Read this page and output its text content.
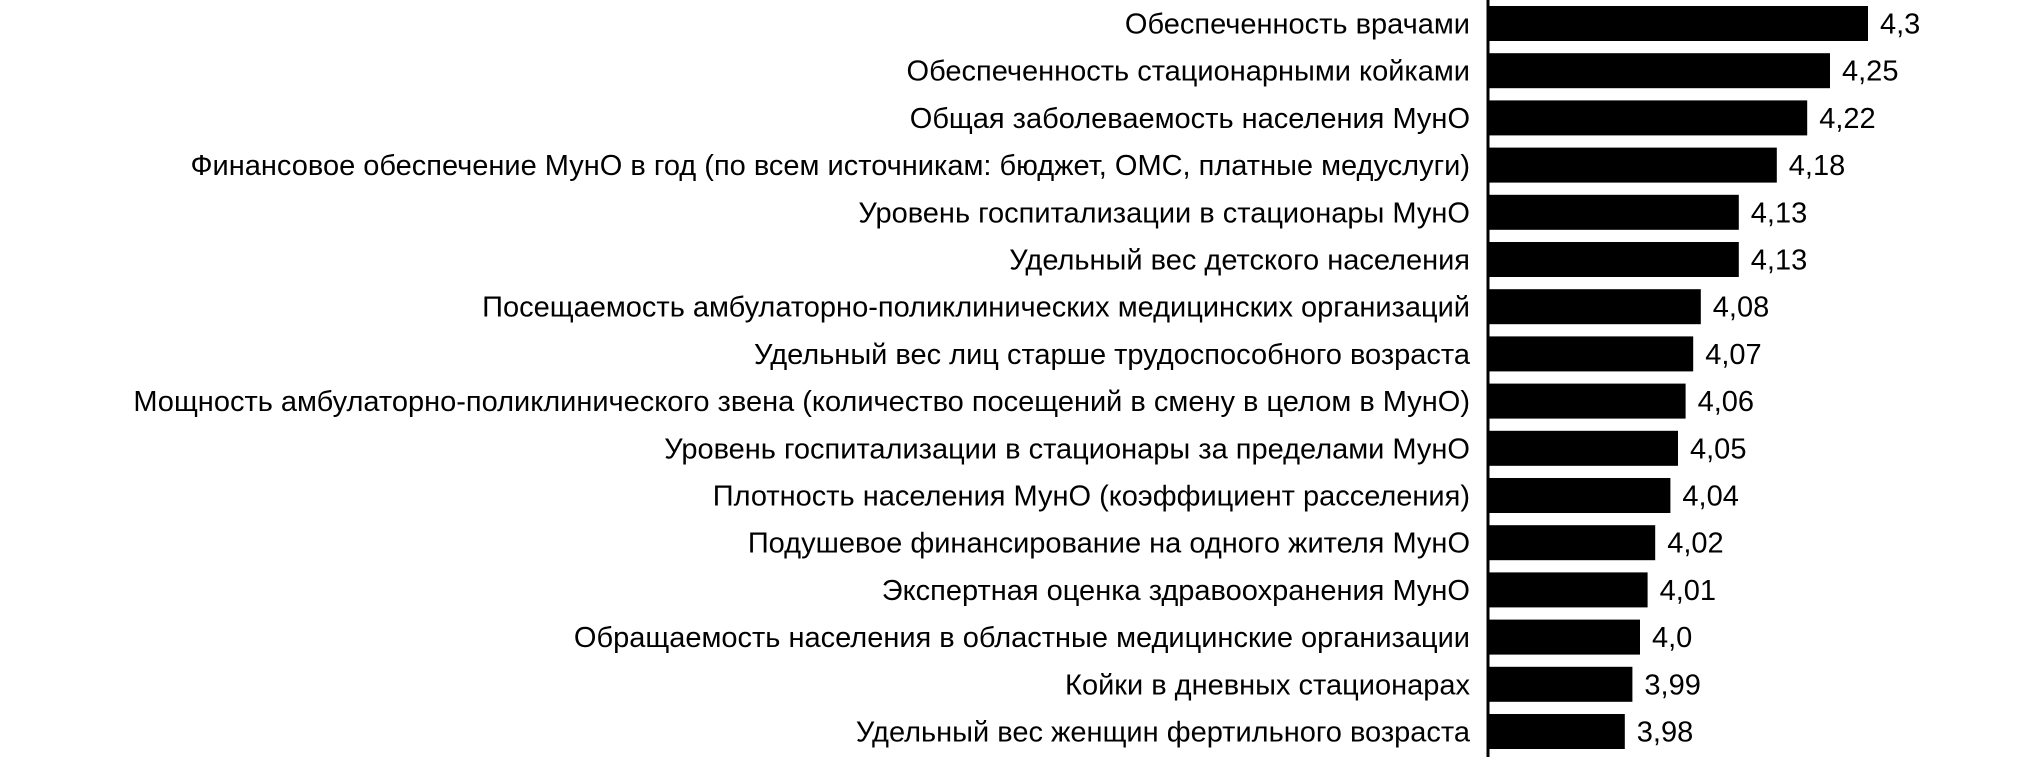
Обеспеченность врачами
Обеспеченность стационарными койками
Общая заболеваемость населения МунО
Финансовое обеспечение МунО в год (по всем источникам: бюджет, ОМС, платные медуслуги)
Уровень госпитализации в стационары МунО
Удельный вес детского населения
Посещаемость амбулаторно-поликлинических медицинских организаций
Удельный вес лиц старше трудоспособного возраста
Мощность амбулаторно-поликлинического звена (количество посещений в смену в целом в МунО)
Уровень госпитализации в стационары за пределами МунО
Плотность населения МунО (коэффициент расселения)
Подушевое финансирование на одного жителя МунО
Экспертная оценка здравоохранения МунО
Обращаемость населения в областные медицинские организации
Койки в дневных стационарах
Удельный вес женщин фертильного возраста
4,3
4,25
4,22
4,18
4,13
4,13
4,08
4,07
4,06
4,05
4,04
4,02
4,01
4,0
3,99
3,98
